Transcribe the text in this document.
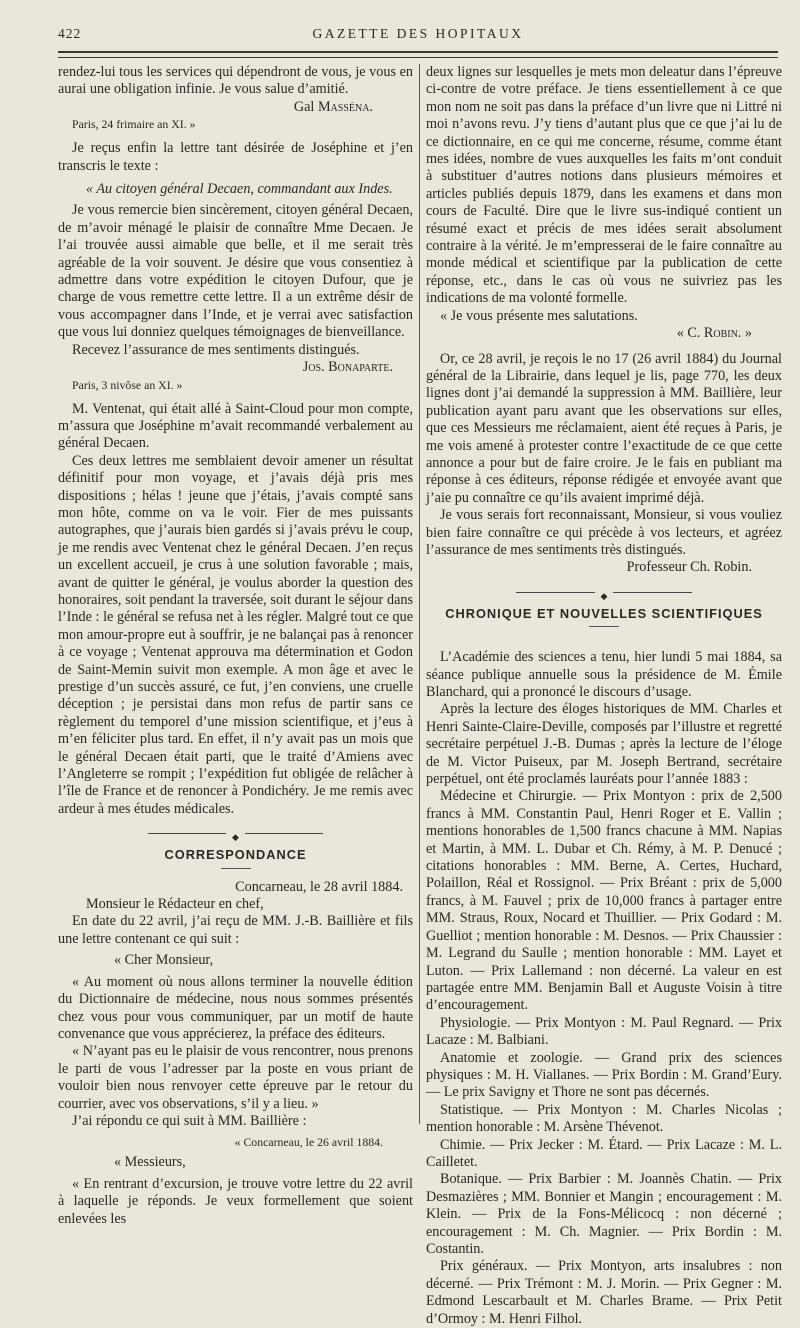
422	GAZETTE DES HOPITAUX

rendez-lui tous les services qui dépendront de vous, je vous en aurai une obligation infinie. Je vous salue d’amitié.

Gal Masséna.

Paris, 24 frimaire an XI. »

Je reçus enfin la lettre tant désirée de Joséphine et j’en transcris le texte :

« Au citoyen général Decaen, commandant aux Indes.

Je vous remercie bien sincèrement, citoyen général Decaen, de m’avoir ménagé le plaisir de connaître Mme Decaen. Je l’ai trouvée aussi aimable que belle, et il me serait très agréable de la voir souvent. Je désire que vous consentiez à admettre dans votre expédition le citoyen Dufour, que je charge de vous remettre cette lettre. Il a un extrême désir de vous accompagner dans l’Inde, et je verrai avec satisfaction que vous lui donniez quelques témoignages de bienveillance.

Recevez l’assurance de mes sentiments distingués.

Jos. Bonaparte.

Paris, 3 nivôse an XI. »

M. Ventenat, qui était allé à Saint-Cloud pour mon compte, m’assura que Joséphine m’avait recommandé verbalement au général Decaen.

Ces deux lettres me semblaient devoir amener un résultat définitif pour mon voyage, et j’avais déjà pris mes dispositions ; hélas ! jeune que j’étais, j’avais compté sans mon hôte, comme on va le voir. Fier de mes puissants autographes, que j’aurais bien gardés si j’avais prévu le coup, je me rendis avec Ventenat chez le général Decaen. J’en reçus un excellent accueil, je crus à une solution favorable ; mais, avant de quitter le général, je voulus aborder la question des honoraires, soit pendant la traversée, soit durant le séjour dans l’Inde : le général se refusa net à les régler. Malgré tout ce que mon amour-propre eut à souffrir, je ne balançai pas à renoncer à ce voyage ; Ventenat approuva ma détermination et Godon de Saint-Memin suivit mon exemple. A mon âge et avec le prestige d’un succès assuré, ce fut, j’en conviens, une cruelle déception ; je persistai dans mon refus de partir sans ce règlement du temporel d’une mission scientifique, et j’eus à m’en féliciter plus tard. En effet, il n’y avait pas un mois que le général Decaen était parti, que le traité d’Amiens avec l’Angleterre se rompit ; l’expédition fut obligée de relâcher à l’île de France et de renoncer à Pondichéry. Je me remis avec ardeur à mes études médicales.

◆

CORRESPONDANCE

Concarneau, le 28 avril 1884.

Monsieur le Rédacteur en chef,

En date du 22 avril, j’ai reçu de MM. J.-B. Baillière et fils une lettre contenant ce qui suit :

« Cher Monsieur,

« Au moment où nous allons terminer la nouvelle édition du Dictionnaire de médecine, nous nous sommes présentés chez vous pour vous communiquer, par un motif de haute convenance que vous apprécierez, la préface des éditeurs.

« N’ayant pas eu le plaisir de vous rencontrer, nous prenons le parti de vous l’adresser par la poste en vous priant de vouloir bien nous renvoyer cette épreuve par le retour du courrier, avec vos observations, s’il y a lieu. »

J’ai répondu ce qui suit à MM. Baillière :

« Concarneau, le 26 avril 1884.

« Messieurs,

« En rentrant d’excursion, je trouve votre lettre du 22 avril à laquelle je réponds. Je veux formellement que soient enlevées les

deux lignes sur lesquelles je mets mon deleatur dans l’épreuve ci-contre de votre préface. Je tiens essentiellement à ce que mon nom ne soit pas dans la préface d’un livre que ni Littré ni moi n’avons revu. J’y tiens d’autant plus que ce que j’ai lu de ce dictionnaire, en ce qui me concerne, résume, comme étant mes idées, nombre de vues auxquelles les faits m’ont conduit à substituer d’autres notions dans plusieurs mémoires et articles publiés depuis 1879, dans les examens et dans mon cours de Faculté. Dire que le livre sus-indiqué contient un résumé exact et précis de mes idées serait absolument contraire à la vérité. Je m’empresserai de le faire connaître au monde médical et scientifique par la publication de cette réponse, etc., dans le cas où vous ne suivriez pas les indications de ma volonté formelle.

« Je vous présente mes salutations.

« C. Robin. »

Or, ce 28 avril, je reçois le no 17 (26 avril 1884) du Journal général de la Librairie, dans lequel je lis, page 770, les deux lignes dont j’ai demandé la suppression à MM. Baillière, leur publication ayant paru avant que les observations sur elles, que ces Messieurs me réclamaient, aient été reçues à Paris, je me vois amené à protester contre l’exactitude de ce que cette annonce a pour but de faire croire. Je le fais en publiant ma réponse à ces éditeurs, réponse rédigée et envoyée avant que j’aie pu connaître ce qu’ils avaient imprimé déjà.

Je vous serais fort reconnaissant, Monsieur, si vous vouliez bien faire connaître ce qui précède à vos lecteurs, et agréez l’assurance de mes sentiments très distingués.

Professeur Ch. Robin.

◆

CHRONIQUE ET NOUVELLES SCIENTIFIQUES

L’Académie des sciences a tenu, hier lundi 5 mai 1884, sa séance publique annuelle sous la présidence de M. Émile Blanchard, qui a prononcé le discours d’usage.

Après la lecture des éloges historiques de MM. Charles et Henri Sainte-Claire-Deville, composés par l’illustre et regretté secrétaire perpétuel J.-B. Dumas ; après la lecture de l’éloge de M. Victor Puiseux, par M. Joseph Bertrand, secrétaire perpétuel, ont été proclamés lauréats pour l’année 1883 :

Médecine et Chirurgie. — Prix Montyon : prix de 2,500 francs à MM. Constantin Paul, Henri Roger et E. Vallin ; mentions honorables de 1,500 francs chacune à MM. Napias et Martin, à MM. L. Dubar et Ch. Rémy, à M. P. Denucé ; citations honorables : MM. Berne, A. Certes, Huchard, Polaillon, Réal et Rossignol. — Prix Bréant : prix de 5,000 francs, à M. Fauvel ; prix de 10,000 francs à partager entre MM. Straus, Roux, Nocard et Thuillier. — Prix Godard : M. Guelliot ; mention honorable : M. Desnos. — Prix Chaussier : M. Legrand du Saulle ; mention honorable : MM. Layet et Luton. — Prix Lallemand : non décerné. La valeur en est partagée entre MM. Benjamin Ball et Auguste Voisin à titre d’encouragement.

Physiologie. — Prix Montyon : M. Paul Regnard. — Prix Lacaze : M. Balbiani.

Anatomie et zoologie. — Grand prix des sciences physiques : M. H. Viallanes. — Prix Bordin : M. Grand’Eury. — Le prix Savigny et Thore ne sont pas décernés.

Statistique. — Prix Montyon : M. Charles Nicolas ; mention honorable : M. Arsène Thévenot.

Chimie. — Prix Jecker : M. Étard. — Prix Lacaze : M. L. Cailletet.

Botanique. — Prix Barbier : M. Joannès Chatin. — Prix Desmazières ; MM. Bonnier et Mangin ; encouragement : M. Klein. — Prix de la Fons-Mélicocq : non décerné ; encouragement : M. Ch. Magnier. — Prix Bordin : M. Costantin.

Prix généraux. — Prix Montyon, arts insalubres : non décerné. — Prix Trémont : M. J. Morin. — Prix Gegner : M. Edmond Lescarbault et M. Charles Brame. — Prix Petit d’Ormoy : M. Henri Filhol.
